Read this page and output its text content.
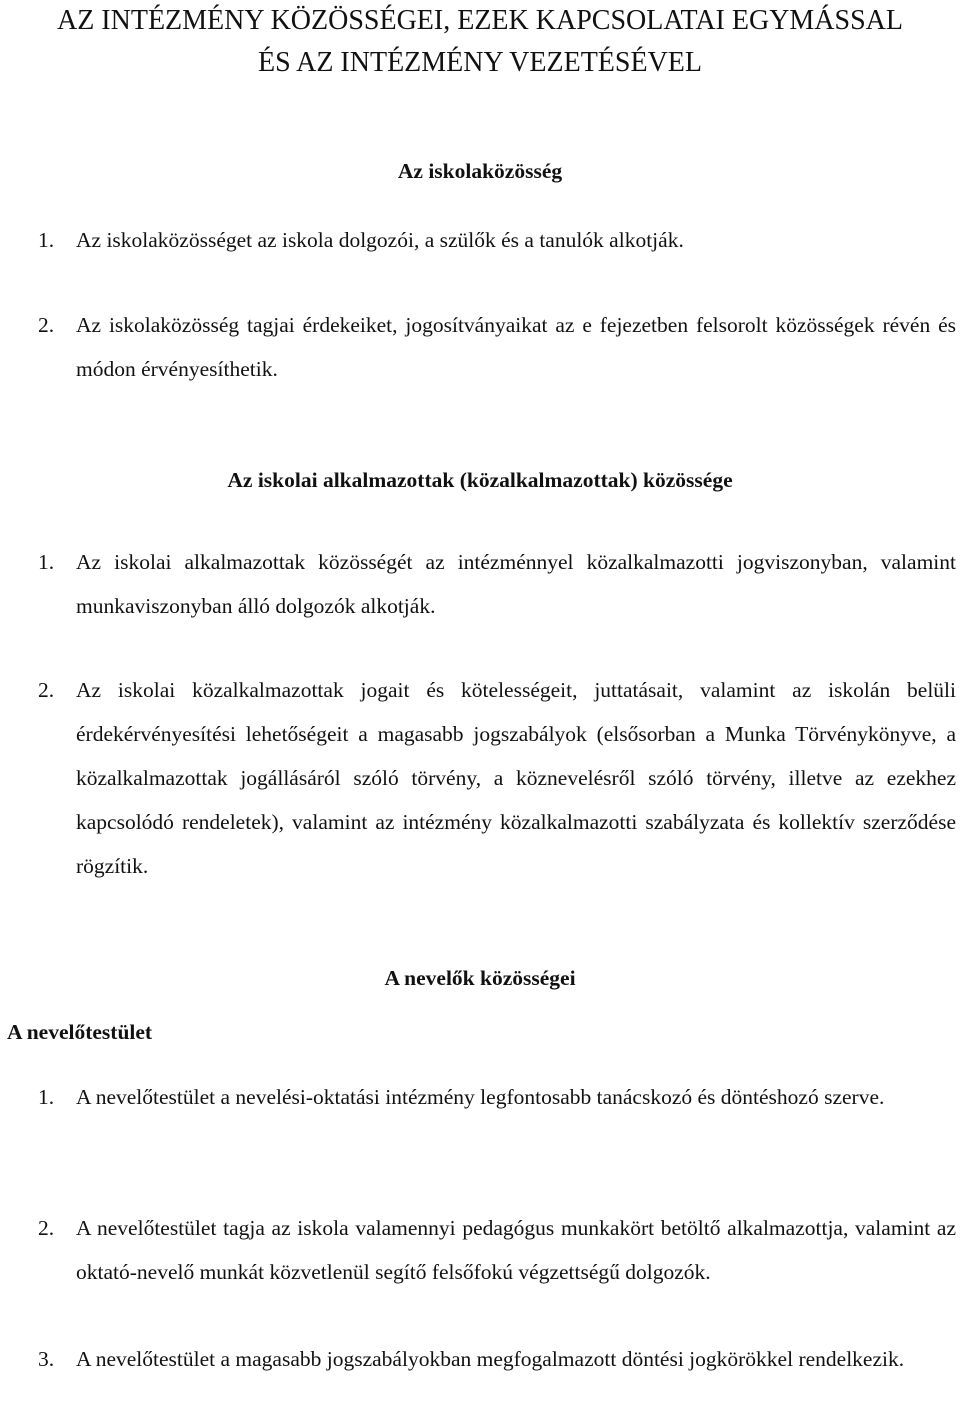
AZ INTÉZMÉNY KÖZÖSSÉGEI, EZEK KAPCSOLATAI EGYMÁSSAL
ÉS AZ INTÉZMÉNY VEZETÉSÉVEL
Az iskolaközösség
1.	Az iskolaközösséget az iskola dolgozói, a szülők és a tanulók alkotják.
2.	Az iskolaközösség tagjai érdekeiket, jogosítványaikat az e fejezetben felsorolt közösségek révén és módon érvényesíthetik.
Az iskolai alkalmazottak (közalkalmazottak) közössége
1.	Az iskolai alkalmazottak közösségét az intézménnyel közalkalmazotti jogviszonyban, valamint munkaviszonyban álló dolgozók alkotják.
2.	Az iskolai közalkalmazottak jogait és kötelességeit, juttatásait, valamint az iskolán belüli érdekérvényesítési lehetőségeit a magasabb jogszabályok (elsősorban a Munka Törvénykönyve, a közalkalmazottak jogállásáról szóló törvény, a köznevelésről szóló törvény, illetve az ezekhez kapcsolódó rendeletek), valamint az intézmény közalkalmazotti szabályzata és kollektív szerződése rögzítik.
A nevelők közösségei
A nevelőtestület
1.	A nevelőtestület a nevelési-oktatási intézmény legfontosabb tanácskozó és döntéshozó szerve.
2.	A nevelőtestület tagja az iskola valamennyi pedagógus munkakört betöltő alkalmazottja, valamint az oktató-nevelő munkát közvetlenül segítő felsőfokú végzettségű dolgozók.
3.	A nevelőtestület a magasabb jogszabályokban megfogalmazott döntési jogkörökkel rendelkezik.
